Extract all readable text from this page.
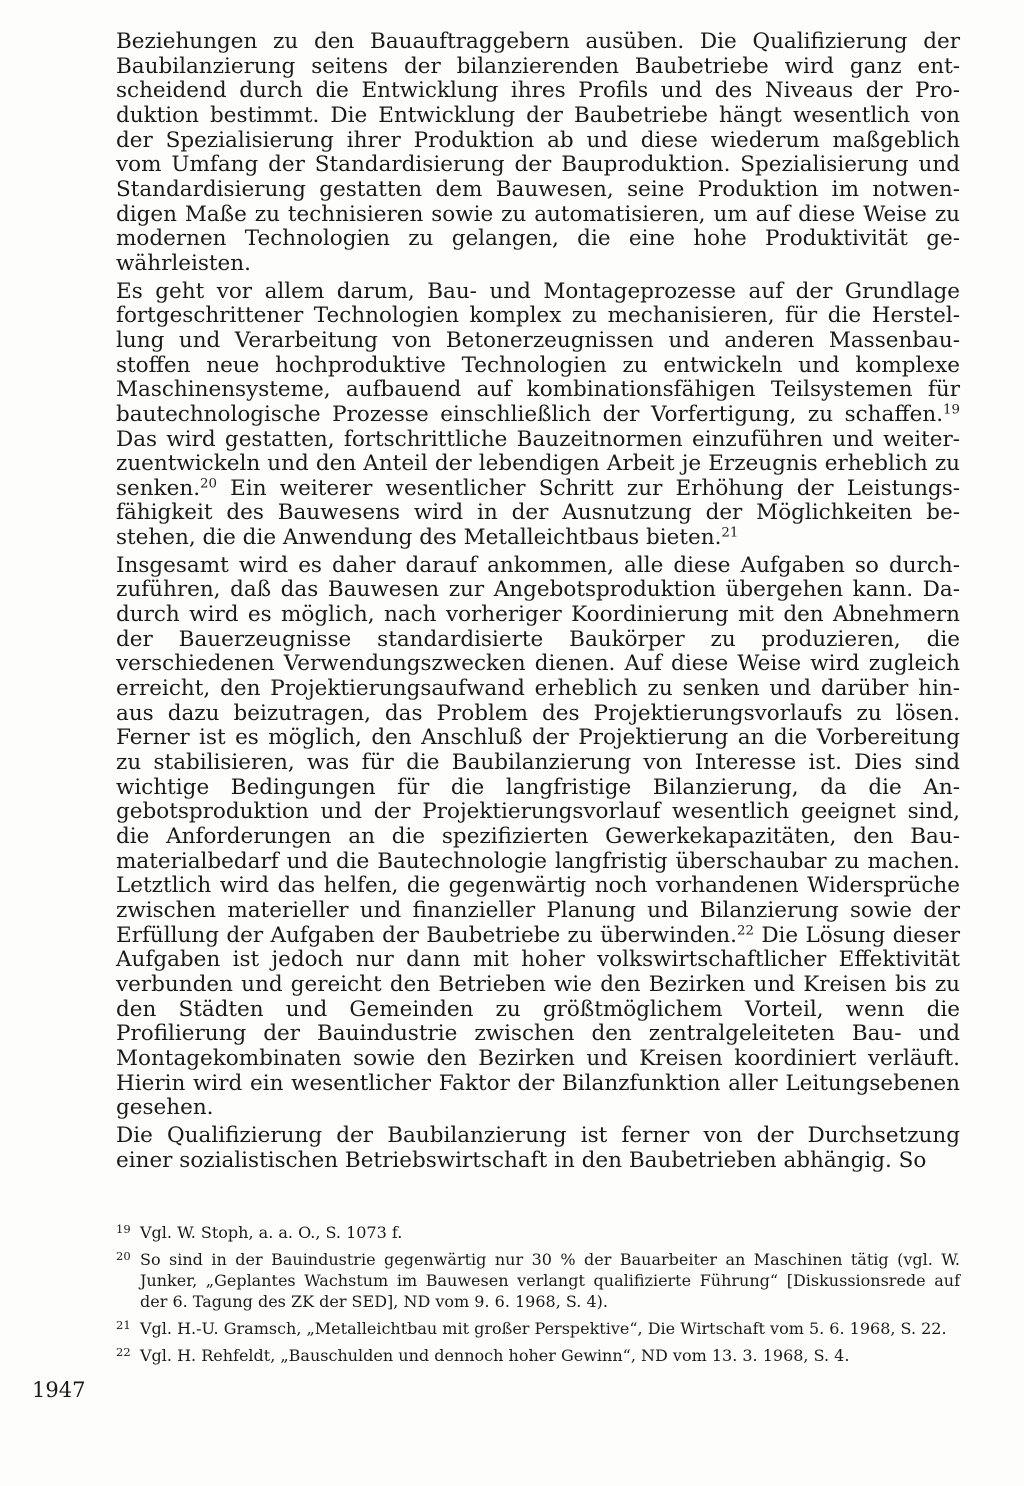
Beziehungen zu den Bauauftraggebern ausüben. Die Qualifizierung der Baubilanzierung seitens der bilanzierenden Baubetriebe wird ganz entscheidend durch die Entwicklung ihres Profils und des Niveaus der Produktion bestimmt. Die Entwicklung der Baubetriebe hängt wesentlich von der Spezialisierung ihrer Produktion ab und diese wiederum maßgeblich vom Umfang der Standardisierung der Bauproduktion. Spezialisierung und Standardisierung gestatten dem Bauwesen, seine Produktion im notwendigen Maße zu technisieren sowie zu automatisieren, um auf diese Weise zu modernen Technologien zu gelangen, die eine hohe Produktivität gewährleisten.

Es geht vor allem darum, Bau- und Montageprozesse auf der Grundlage fortgeschrittener Technologien komplex zu mechanisieren, für die Herstellung und Verarbeitung von Betonerzeugnissen und anderen Massenbaustoffen neue hochproduktive Technologien zu entwickeln und komplexe Maschinensysteme, aufbauend auf kombinationsfähigen Teilsystemen für bautechnologische Prozesse einschließlich der Vorfertigung, zu schaffen.$^{19}$ Das wird gestatten, fortschrittliche Bauzeitnormen einzuführen und weiterzuentwickeln und den Anteil der lebendigen Arbeit je Erzeugnis erheblich zu senken.$^{20}$ Ein weiterer wesentlicher Schritt zur Erhöhung der Leistungsfähigkeit des Bauwesens wird in der Ausnutzung der Möglichkeiten bestehen, die die Anwendung des Metalleichtbaus bieten.$^{21}$

Insgesamt wird es daher darauf ankommen, alle diese Aufgaben so durchzuführen, daß das Bauwesen zur Angebotsproduktion übergehen kann. Dadurch wird es möglich, nach vorheriger Koordinierung mit den Abnehmern der Bauerzeugnisse standardisierte Baukörper zu produzieren, die verschiedenen Verwendungszwecken dienen. Auf diese Weise wird zugleich erreicht, den Projektierungsaufwand erheblich zu senken und darüber hinaus dazu beizutragen, das Problem des Projektierungsvorlaufs zu lösen. Ferner ist es möglich, den Anschluß der Projektierung an die Vorbereitung zu stabilisieren, was für die Baubilanzierung von Interesse ist. Dies sind wichtige Bedingungen für die langfristige Bilanzierung, da die Angebotsproduktion und der Projektierungsvorlauf wesentlich geeignet sind, die Anforderungen an die spezifizierten Gewerkekapazitäten, den Baumaterialbedarf und die Bautechnologie langfristig überschaubar zu machen. Letztlich wird das helfen, die gegenwärtig noch vorhandenen Widersprüche zwischen materieller und finanzieller Planung und Bilanzierung sowie der Erfüllung der Aufgaben der Baubetriebe zu überwinden.$^{22}$ Die Lösung dieser Aufgaben ist jedoch nur dann mit hoher volkswirtschaftlicher Effektivität verbunden und gereicht den Betrieben wie den Bezirken und Kreisen bis zu den Städten und Gemeinden zu größtmöglichem Vorteil, wenn die Profilierung der Bauindustrie zwischen den zentralgeleiteten Bau- und Montagekombinaten sowie den Bezirken und Kreisen koordiniert verläuft. Hierin wird ein wesentlicher Faktor der Bilanzfunktion aller Leitungsebenen gesehen.

Die Qualifizierung der Baubilanzierung ist ferner von der Durchsetzung einer sozialistischen Betriebswirtschaft in den Baubetrieben abhängig. So

19 Vgl. W. Stoph, a. a. O., S. 1073 f.
20 So sind in der Bauindustrie gegenwärtig nur 30 % der Bauarbeiter an Maschinen tätig (vgl. W. Junker, „Geplantes Wachstum im Bauwesen verlangt qualifizierte Führung“ [Diskussionsrede auf der 6. Tagung des ZK der SED], ND vom 9. 6. 1968, S. 4).
21 Vgl. H.-U. Gramsch, „Metalleichtbau mit großer Perspektive“, Die Wirtschaft vom 5. 6. 1968, S. 22.
22 Vgl. H. Rehfeldt, „Bauschulden und dennoch hoher Gewinn“, ND vom 13. 3. 1968, S. 4.
1947
